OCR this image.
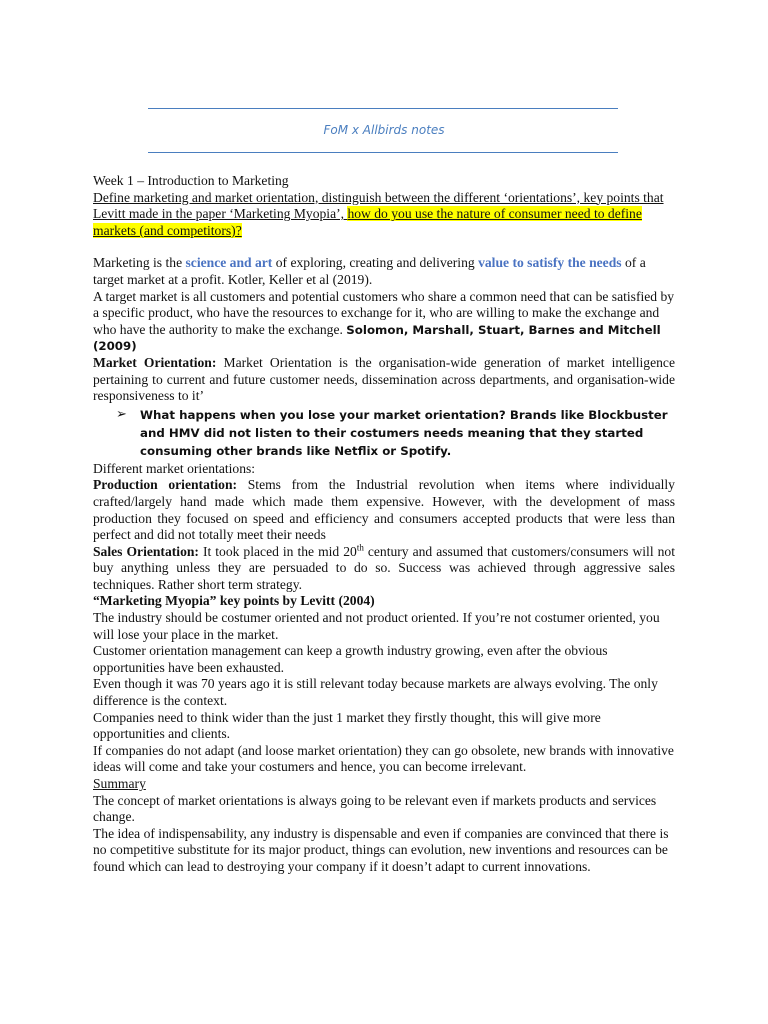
FoM x Allbirds notes

Week 1 – Introduction to Marketing

Define marketing and market orientation, distinguish between the different ‘orientations’, key points that Levitt made in the paper ‘Marketing Myopia’, how do you use the nature of consumer need to define markets (and competitors)?

Marketing is the science and art of exploring, creating and delivering value to satisfy the needs of a target market at a profit. Kotler, Keller et al (2019).

A target market is all customers and potential customers who share a common need that can be satisfied by a specific product, who have the resources to exchange for it, who are willing to make the exchange and who have the authority to make the exchange. Solomon, Marshall, Stuart, Barnes and Mitchell (2009)

Market Orientation: Market Orientation is the organisation-wide generation of market intelligence pertaining to current and future customer needs, dissemination across departments, and organisation-wide responsiveness to it’

➢ What happens when you lose your market orientation? Brands like Blockbuster and HMV did not listen to their costumers needs meaning that they started consuming other brands like Netflix or Spotify.

Different market orientations:

Production orientation: Stems from the Industrial revolution when items where individually crafted/largely hand made which made them expensive. However, with the development of mass production they focused on speed and efficiency and consumers accepted products that were less than perfect and did not totally meet their needs

Sales Orientation: It took placed in the mid 20th century and assumed that customers/consumers will not buy anything unless they are persuaded to do so. Success was achieved through aggressive sales techniques. Rather short term strategy.

“Marketing Myopia” key points by Levitt (2004)

The industry should be costumer oriented and not product oriented. If you’re not costumer oriented, you will lose your place in the market.

Customer orientation management can keep a growth industry growing, even after the obvious opportunities have been exhausted.

Even though it was 70 years ago it is still relevant today because markets are always evolving. The only difference is the context.

Companies need to think wider than the just 1 market they firstly thought, this will give more opportunities and clients.

If companies do not adapt (and loose market orientation) they can go obsolete, new brands with innovative ideas will come and take your costumers and hence, you can become irrelevant.

Summary

The concept of market orientations is always going to be relevant even if markets products and services change.

The idea of indispensability, any industry is dispensable and even if companies are convinced that there is no competitive substitute for its major product, things can evolution, new inventions and resources can be found which can lead to destroying your company if it doesn’t adapt to current innovations.
